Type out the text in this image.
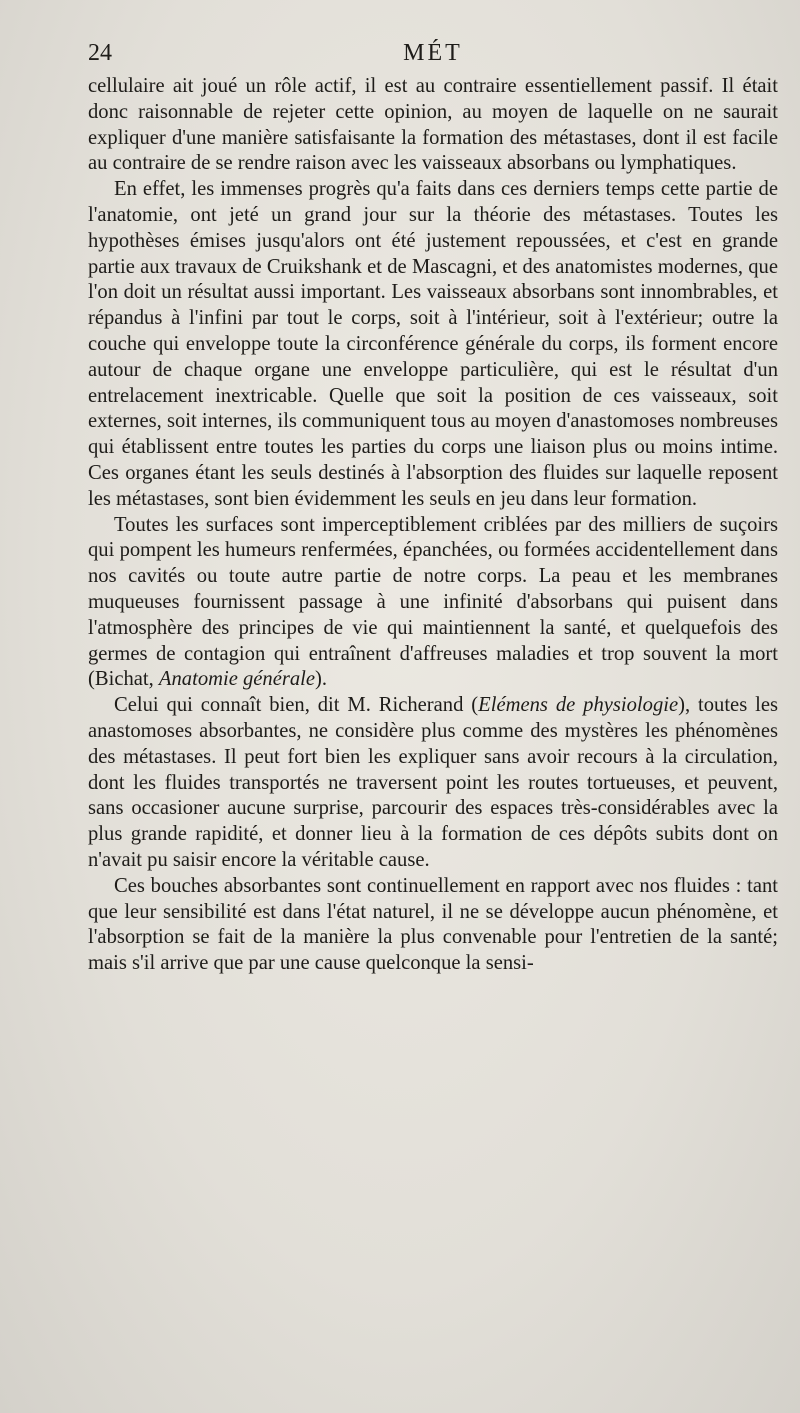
24	MÉT

cellulaire ait joué un rôle actif, il est au contraire essentiellement passif. Il était donc raisonnable de rejeter cette opinion, au moyen de laquelle on ne saurait expliquer d'une manière satisfaisante la formation des métastases, dont il est facile au contraire de se rendre raison avec les vaisseaux absorbans ou lymphatiques.

En effet, les immenses progrès qu'a faits dans ces derniers temps cette partie de l'anatomie, ont jeté un grand jour sur la théorie des métastases. Toutes les hypothèses émises jusqu'alors ont été justement repoussées, et c'est en grande partie aux travaux de Cruikshank et de Mascagni, et des anatomistes modernes, que l'on doit un résultat aussi important. Les vaisseaux absorbans sont innombrables, et répandus à l'infini par tout le corps, soit à l'intérieur, soit à l'extérieur; outre la couche qui enveloppe toute la circonférence générale du corps, ils forment encore autour de chaque organe une enveloppe particulière, qui est le résultat d'un entrelacement inextricable. Quelle que soit la position de ces vaisseaux, soit externes, soit internes, ils communiquent tous au moyen d'anastomoses nombreuses qui établissent entre toutes les parties du corps une liaison plus ou moins intime. Ces organes étant les seuls destinés à l'absorption des fluides sur laquelle reposent les métastases, sont bien évidemment les seuls en jeu dans leur formation.

Toutes les surfaces sont imperceptiblement criblées par des milliers de suçoirs qui pompent les humeurs renfermées, épanchées, ou formées accidentellement dans nos cavités ou toute autre partie de notre corps. La peau et les membranes muqueuses fournissent passage à une infinité d'absorbans qui puisent dans l'atmosphère des principes de vie qui maintiennent la santé, et quelquefois des germes de contagion qui entraînent d'affreuses maladies et trop souvent la mort (Bichat, Anatomie générale).

Celui qui connaît bien, dit M. Richerand (Elémens de physiologie), toutes les anastomoses absorbantes, ne considère plus comme des mystères les phénomènes des métastases. Il peut fort bien les expliquer sans avoir recours à la circulation, dont les fluides transportés ne traversent point les routes tortueuses, et peuvent, sans occasioner aucune surprise, parcourir des espaces très-considérables avec la plus grande rapidité, et donner lieu à la formation de ces dépôts subits dont on n'avait pu saisir encore la véritable cause.

Ces bouches absorbantes sont continuellement en rapport avec nos fluides : tant que leur sensibilité est dans l'état naturel, il ne se développe aucun phénomène, et l'absorption se fait de la manière la plus convenable pour l'entretien de la santé; mais s'il arrive que par une cause quelconque la sensi-
